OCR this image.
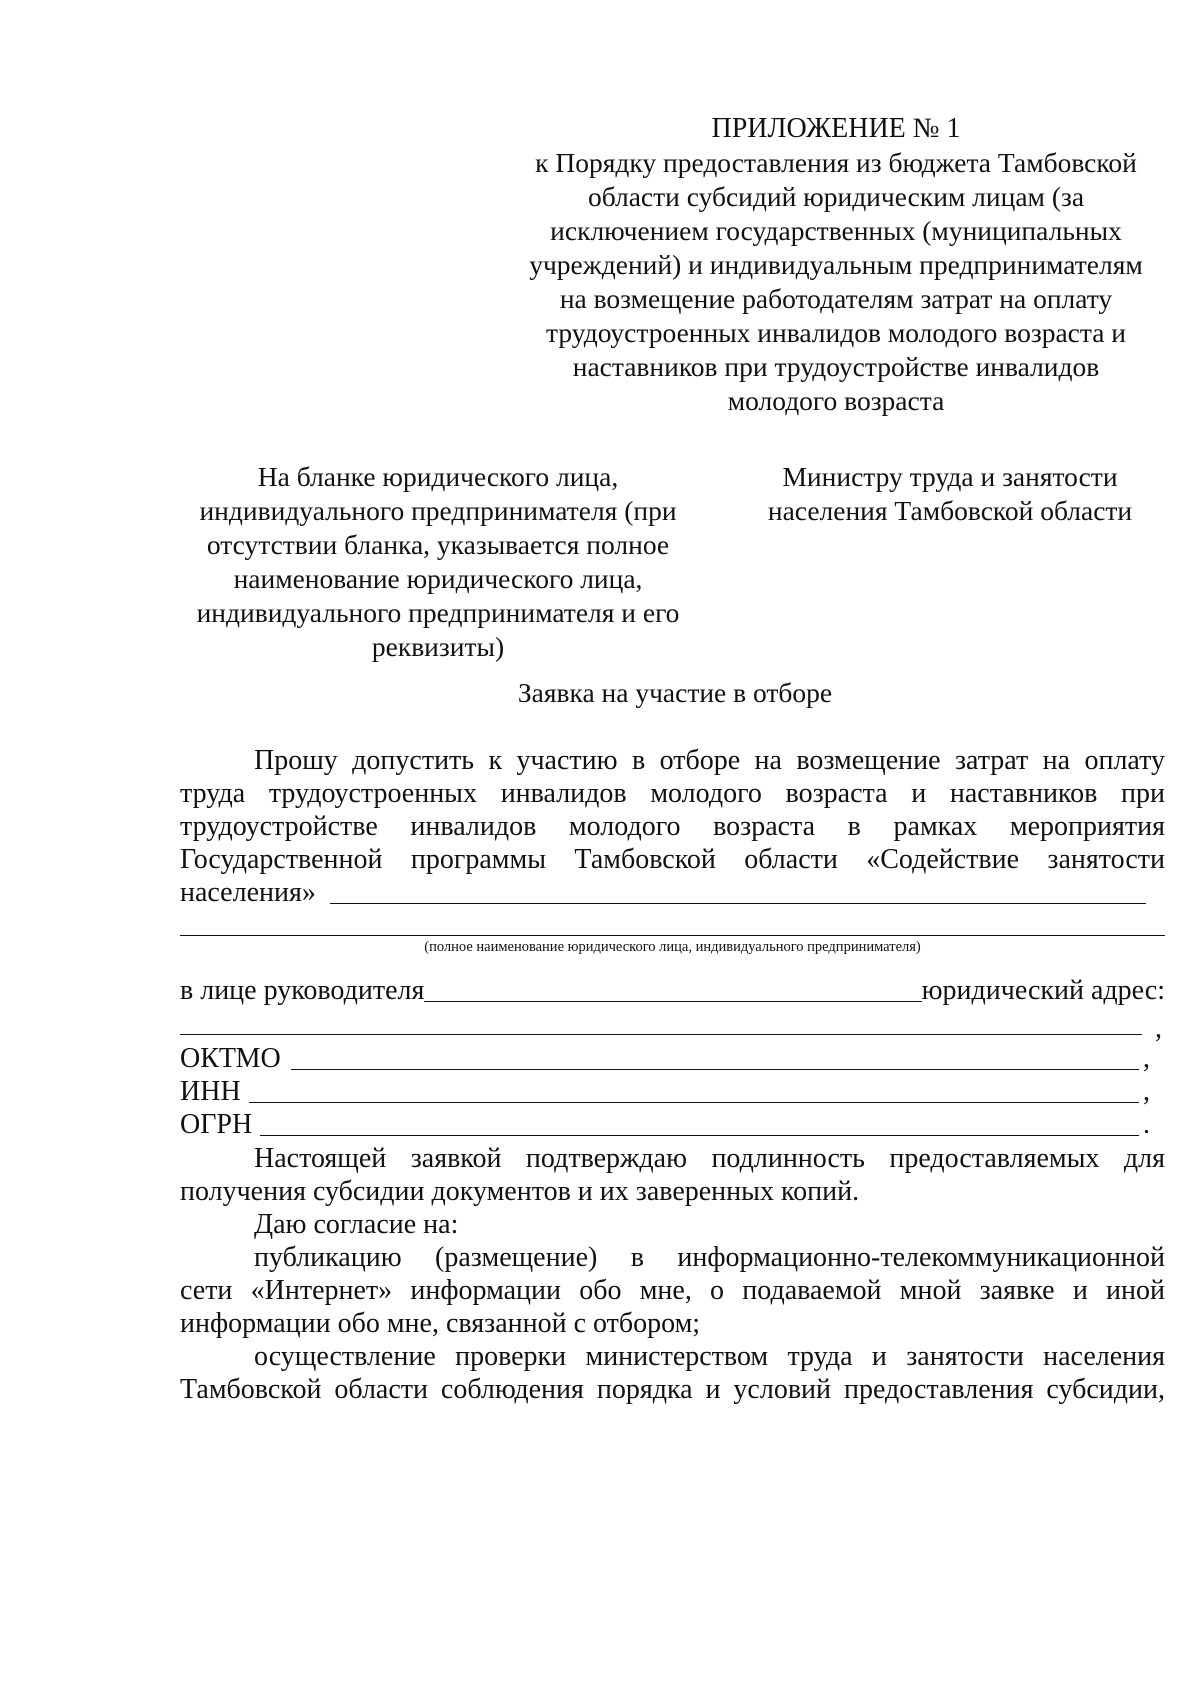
ПРИЛОЖЕНИЕ № 1
к Порядку предоставления из бюджета Тамбовской
области субсидий юридическим лицам (за
исключением государственных (муниципальных
учреждений) и индивидуальным предпринимателям
на возмещение работодателям затрат на оплату
трудоустроенных инвалидов молодого возраста и
наставников при трудоустройстве инвалидов
молодого возраста
На бланке юридического лица,
индивидуального предпринимателя (при
отсутствии бланка, указывается полное
наименование юридического лица,
индивидуального предпринимателя и его
реквизиты)
Министру труда и занятости
населения Тамбовской области
Заявка на участие в отборе
Прошу допустить к участию в отборе на возмещение затрат на оплату
труда трудоустроенных инвалидов молодого возраста и наставников при
трудоустройстве инвалидов молодого возраста в рамках мероприятия
Государственной программы Тамбовской области «Содействие занятости
населения»
(полное наименование юридического лица, индивидуального предпринимателя)
в лице руководителя	юридический адрес:
,
ОКТМО	,
ИНН	,
ОГРН	.
Настоящей заявкой подтверждаю подлинность предоставляемых для
получения субсидии документов и их заверенных копий.
Даю согласие на:
публикацию (размещение) в информационно-телекоммуникационной
сети «Интернет» информации обо мне, о подаваемой мной заявке и иной
информации обо мне, связанной с отбором;
осуществление проверки министерством труда и занятости населения
Тамбовской области соблюдения порядка и условий предоставления субсидии,
